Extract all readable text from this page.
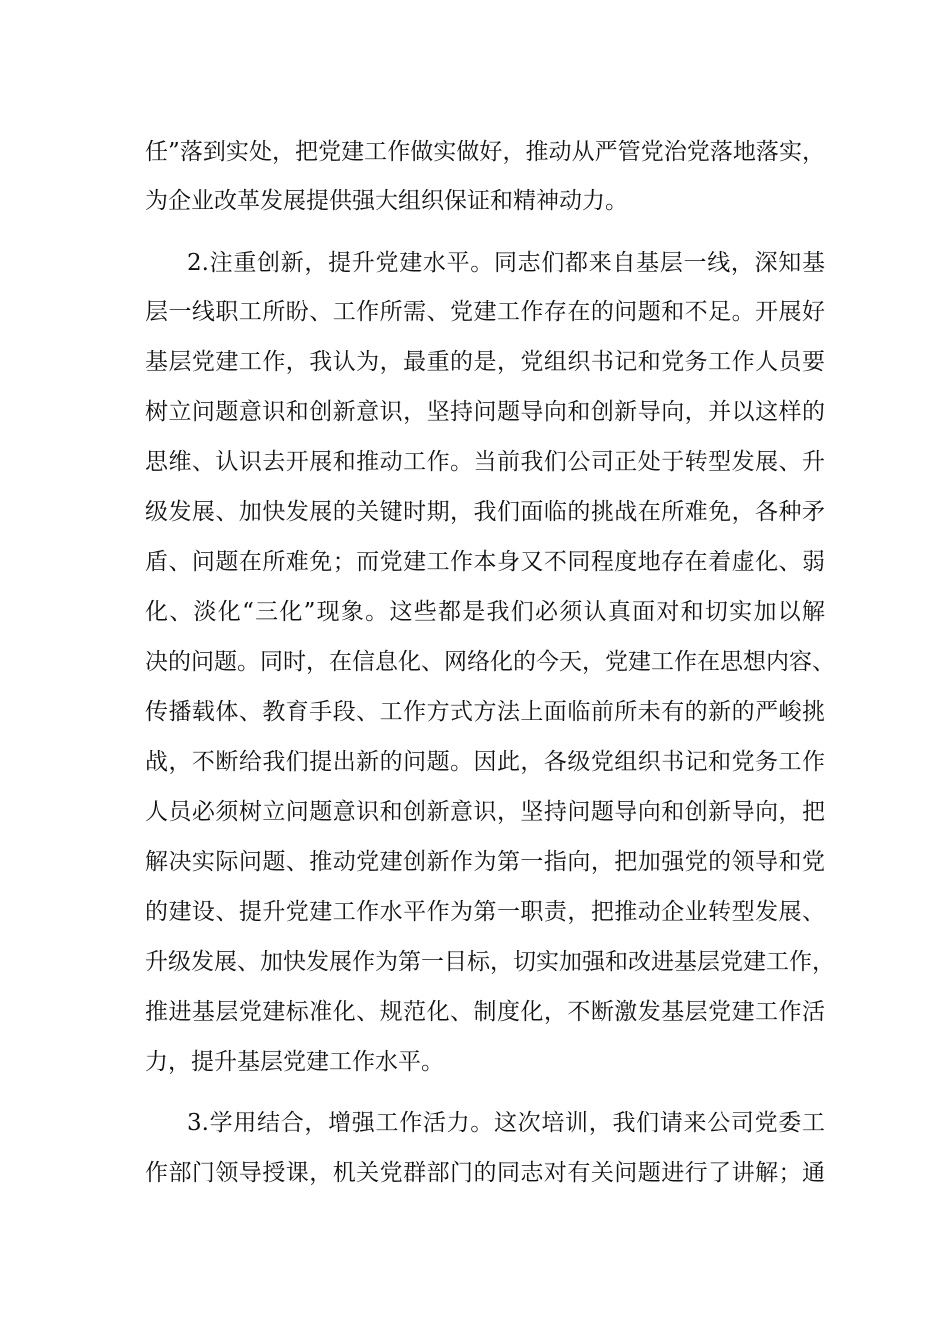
任”落到实处，把党建工作做实做好，推动从严管党治党落地落实，
为企业改革发展提供强大组织保证和精神动力。
2.注重创新，提升党建水平。同志们都来自基层一线，深知基
层一线职工所盼、工作所需、党建工作存在的问题和不足。开展好
基层党建工作，我认为，最重的是，党组织书记和党务工作人员要
树立问题意识和创新意识，坚持问题导向和创新导向，并以这样的
思维、认识去开展和推动工作。当前我们公司正处于转型发展、升
级发展、加快发展的关键时期，我们面临的挑战在所难免，各种矛
盾、问题在所难免；而党建工作本身又不同程度地存在着虚化、弱
化、淡化“三化”现象。这些都是我们必须认真面对和切实加以解
决的问题。同时，在信息化、网络化的今天，党建工作在思想内容、
传播载体、教育手段、工作方式方法上面临前所未有的新的严峻挑
战，不断给我们提出新的问题。因此，各级党组织书记和党务工作
人员必须树立问题意识和创新意识，坚持问题导向和创新导向，把
解决实际问题、推动党建创新作为第一指向，把加强党的领导和党
的建设、提升党建工作水平作为第一职责，把推动企业转型发展、
升级发展、加快发展作为第一目标，切实加强和改进基层党建工作，
推进基层党建标准化、规范化、制度化，不断激发基层党建工作活
力，提升基层党建工作水平。
3.学用结合，增强工作活力。这次培训，我们请来公司党委工
作部门领导授课，机关党群部门的同志对有关问题进行了讲解；通
